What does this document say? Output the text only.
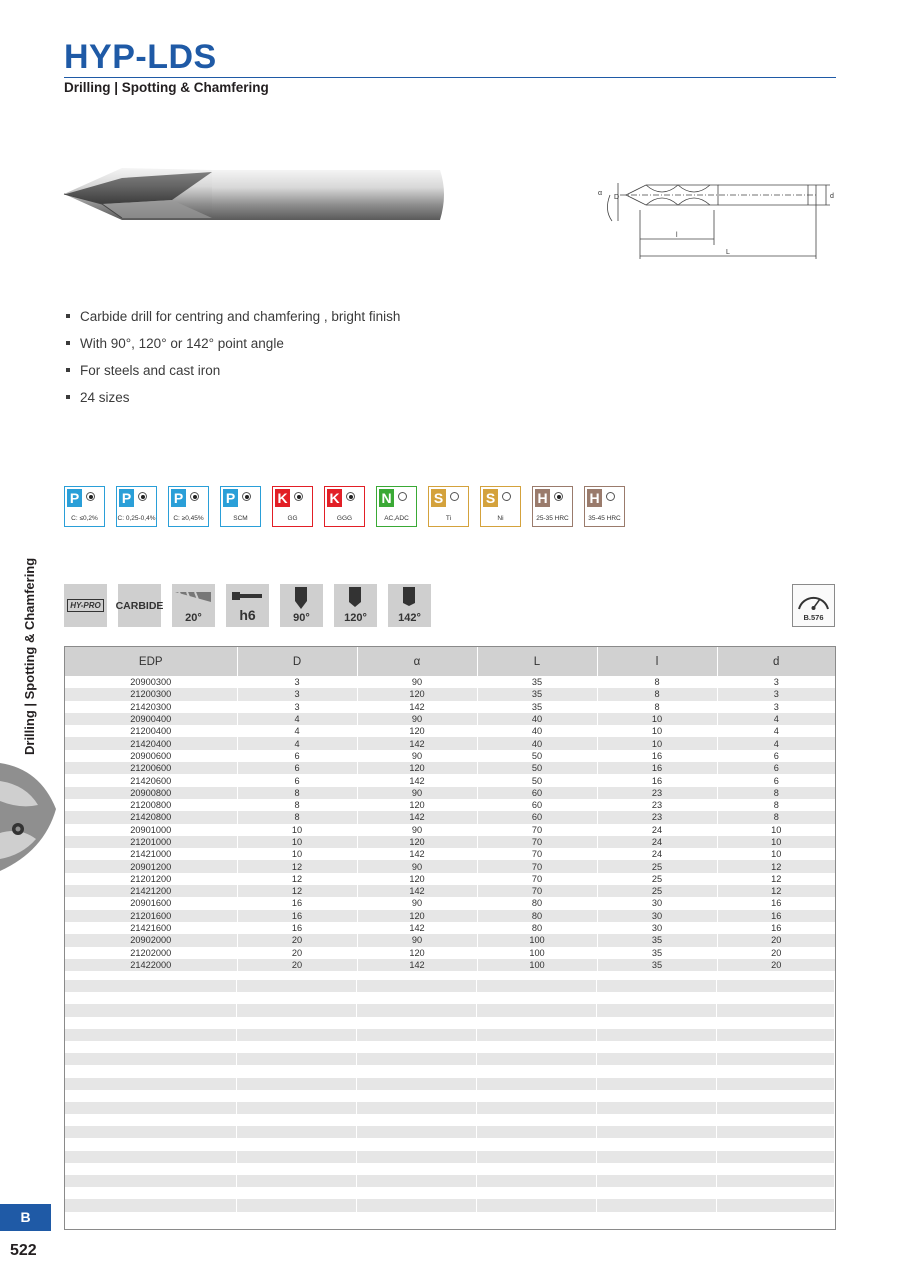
HYP-LDS
Drilling | Spotting & Chamfering
α
D
l
L
d
Carbide drill for centring and chamfering , bright finish
With 90°, 120° or 142° point angle
For steels and cast iron
24 sizes
P
C: ≤0,2%
P
C: 0,25-0,4%
P
C: ≥0,45%
P
SCM
K
GG
K
GGG
N
AC,ADC
S
Ti
S
Ni
H
25-35 HRC
H
35-45 HRC
HY-PRO CARBIDE
20°	h6	90°	120°	142°	B.576
EDP	D	α	L	l	d
20900300	3	90	35	8	3
21200300	3	120	35	8	3
21420300	3	142	35	8	3
20900400	4	90	40	10	4
21200400	4	120	40	10	4
21420400	4	142	40	10	4
20900600	6	90	50	16	6
21200600	6	120	50	16	6
21420600	6	142	50	16	6
20900800	8	90	60	23	8
21200800	8	120	60	23	8
21420800	8	142	60	23	8
20901000	10	90	70	24	10
21201000	10	120	70	24	10
21421000	10	142	70	24	10
20901200	12	90	70	25	12
21201200	12	120	70	25	12
21421200	12	142	70	25	12
20901600	16	90	80	30	16
21201600	16	120	80	30	16
21421600	16	142	80	30	16
20902000	20	90	100	35	20
21202000	20	120	100	35	20
21422000	20	142	100	35	20
Drilling | Spotting & Chamfering
B
522
